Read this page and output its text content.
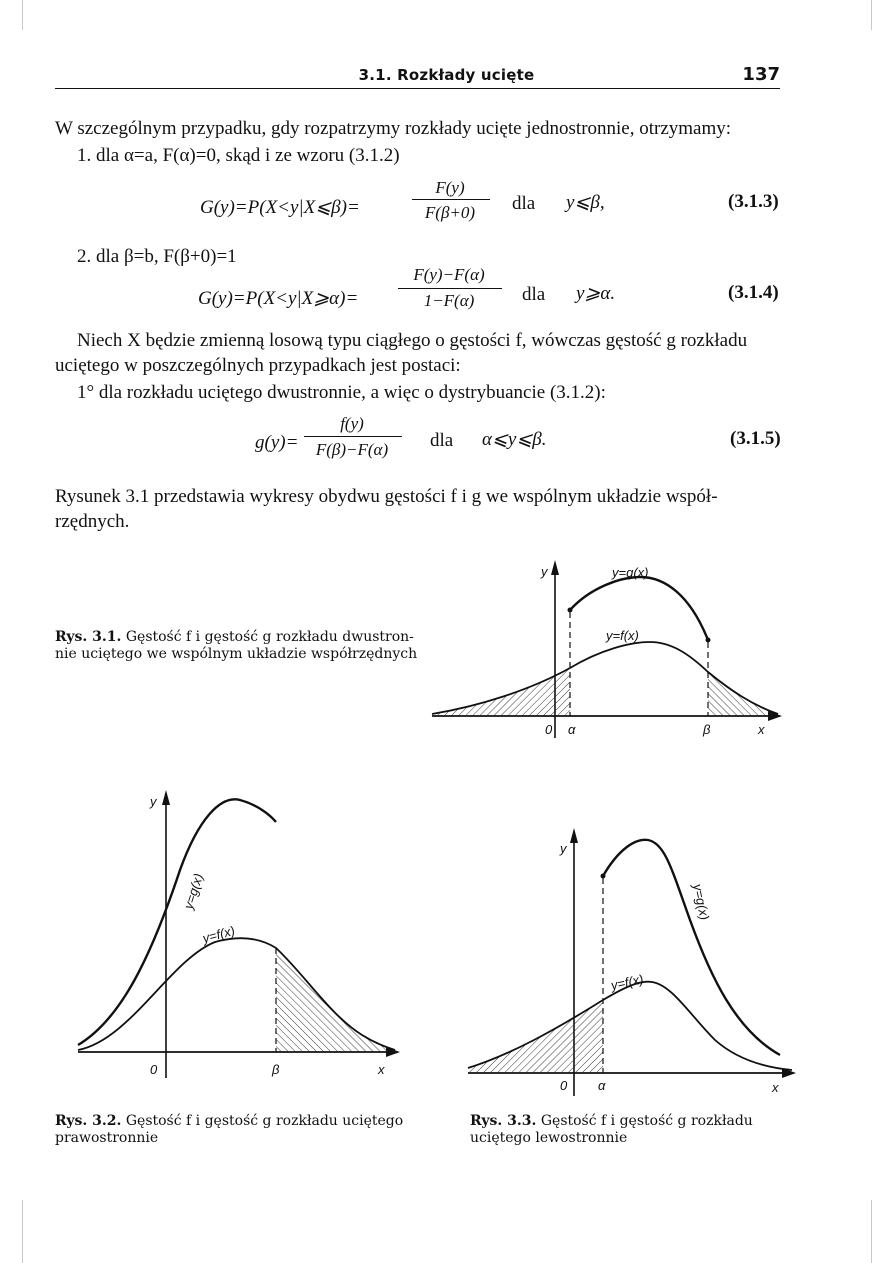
3.1. Rozkłady ucięte	137
W szczególnym przypadku, gdy rozpatrzymy rozkłady ucięte jednostronnie, otrzymamy:
1. dla α=a, F(α)=0, skąd i ze wzoru (3.1.2)
G(y)=P(X<y|X⩽β)=
F(y)
F(β+0)	dla y⩽β,	(3.1.3)
2. dla β=b, F(β+0)=1
G(y)=P(X<y|X⩾α)=
F(y)−F(α)
1−F(α)	dla y⩾α.	(3.1.4)
Niech X będzie zmienną losową typu ciągłego o gęstości f, wówczas gęstość g rozkładu
uciętego w poszczególnych przypadkach jest postaci:
1° dla rozkładu uciętego dwustronnie, a więc o dystrybuancie (3.1.2):
g(y)=
f(y)
F(β)−F(α)	dla α⩽y⩽β.	(3.1.5)
Rysunek 3.1 przedstawia wykresy obydwu gęstości f i g we wspólnym układzie współ-
rzędnych.
Rys. 3.1. Gęstość f i gęstość g rozkładu dwustron-
nie uciętego we wspólnym układzie współrzędnych
y	y=g(x)
y=f(x)
0 α	β	x
y
y=g(x)
y=f(x)
0	β	x
y
y=g(x)
y=f(x)
0 α	x
Rys. 3.2. Gęstość f i gęstość g rozkładu uciętego
prawostronnie
Rys. 3.3. Gęstość f i gęstość g rozkładu
uciętego lewostronnie
